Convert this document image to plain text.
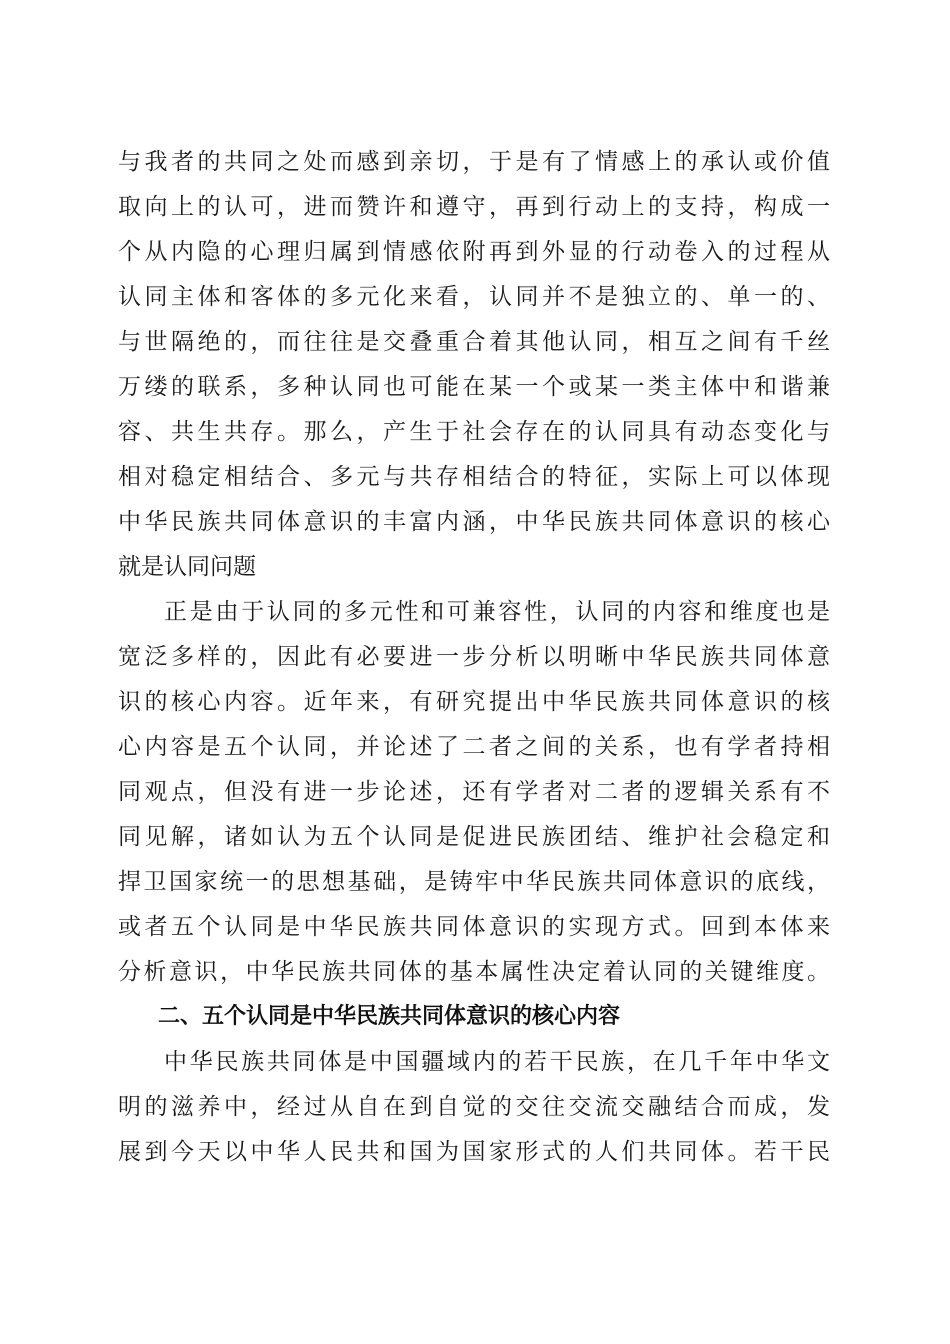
与我者的共同之处而感到亲切，于是有了情感上的承认或价值
取向上的认可，进而赞许和遵守，再到行动上的支持，构成一
个从内隐的心理归属到情感依附再到外显的行动卷入的过程从
认同主体和客体的多元化来看，认同并不是独立的、单一的、
与世隔绝的，而往往是交叠重合着其他认同，相互之间有千丝
万缕的联系，多种认同也可能在某一个或某一类主体中和谐兼
容、共生共存。那么，产生于社会存在的认同具有动态变化与
相对稳定相结合、多元与共存相结合的特征，实际上可以体现
中华民族共同体意识的丰富内涵，中华民族共同体意识的核心
就是认同问题
正是由于认同的多元性和可兼容性，认同的内容和维度也是
宽泛多样的，因此有必要进一步分析以明晰中华民族共同体意
识的核心内容。近年来，有研究提出中华民族共同体意识的核
心内容是五个认同，并论述了二者之间的关系，也有学者持相
同观点，但没有进一步论述，还有学者对二者的逻辑关系有不
同见解，诸如认为五个认同是促进民族团结、维护社会稳定和
捍卫国家统一的思想基础，是铸牢中华民族共同体意识的底线，
或者五个认同是中华民族共同体意识的实现方式。回到本体来
分析意识，中华民族共同体的基本属性决定着认同的关键维度。
二、五个认同是中华民族共同体意识的核心内容
中华民族共同体是中国疆域内的若干民族，在几千年中华文
明的滋养中，经过从自在到自觉的交往交流交融结合而成，发
展到今天以中华人民共和国为国家形式的人们共同体。若干民
